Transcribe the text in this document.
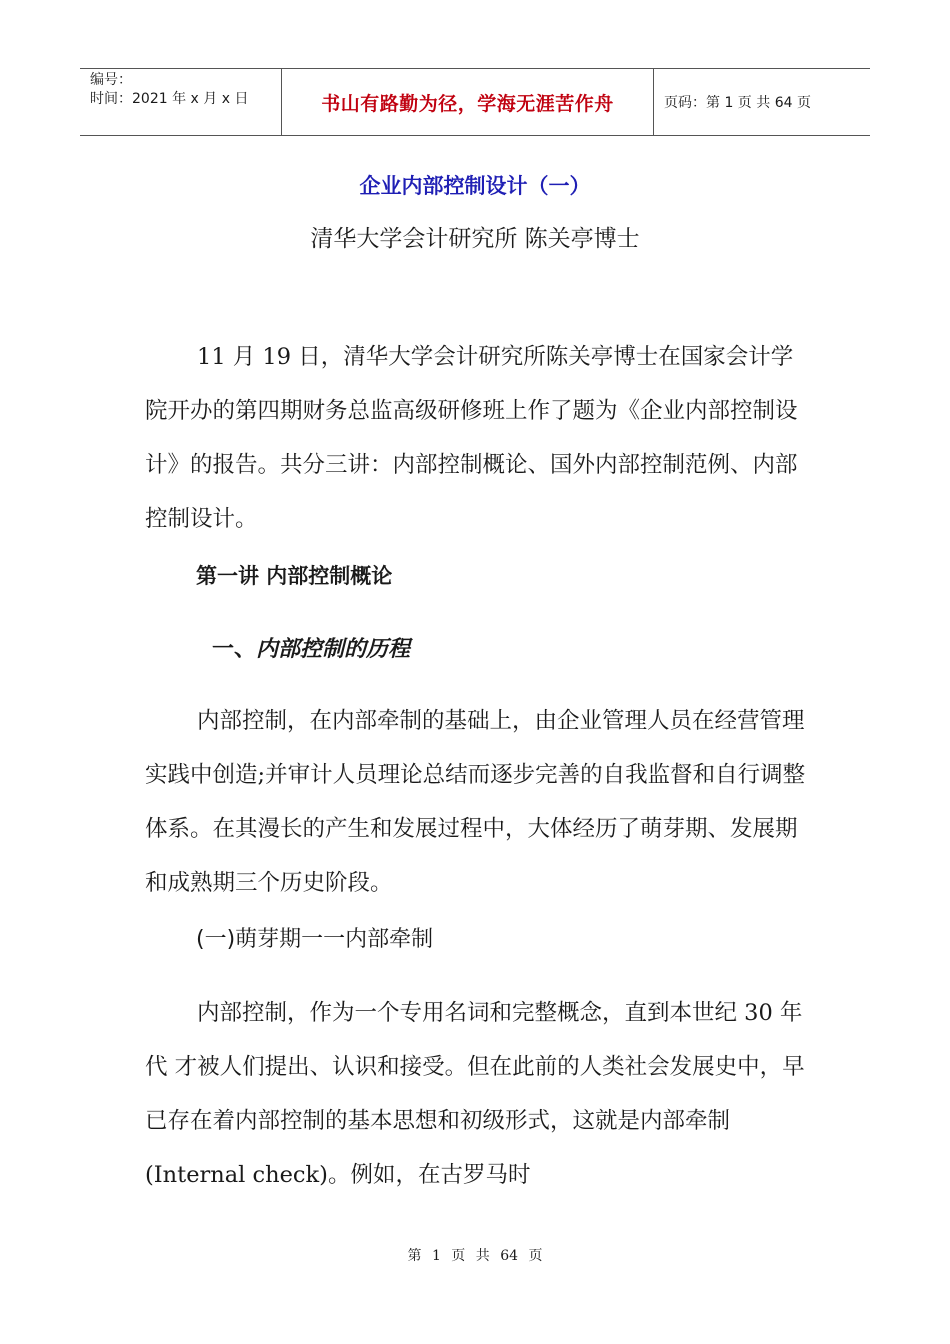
编号：
时间：2021 年 x 月 x 日	书山有路勤为径，学海无涯苦作舟	页码：第 1 页 共 64 页
企业内部控制设计（一）
清华大学会计研究所 陈关亭博士
11 月 19 日，清华大学会计研究所陈关亭博士在国家会计学院开办的第四期财务总监高级研修班上作了题为《企业内部控制设计》的报告。共分三讲：内部控制概论、国外内部控制范例、内部控制设计。
第一讲 内部控制概论
一、内部控制的历程
内部控制，在内部牵制的基础上，由企业管理人员在经营管理实践中创造;并审计人员理论总结而逐步完善的自我监督和自行调整体系。在其漫长的产生和发展过程中，大体经历了萌芽期、发展期和成熟期三个历史阶段。
(一)萌芽期一一内部牵制
内部控制，作为一个专用名词和完整概念，直到本世纪 30 年代 才被人们提出、认识和接受。但在此前的人类社会发展史中，早已存在着内部控制的基本思想和初级形式，这就是内部牵制(Internal check)。例如，在古罗马时
第 1 页 共 64 页
